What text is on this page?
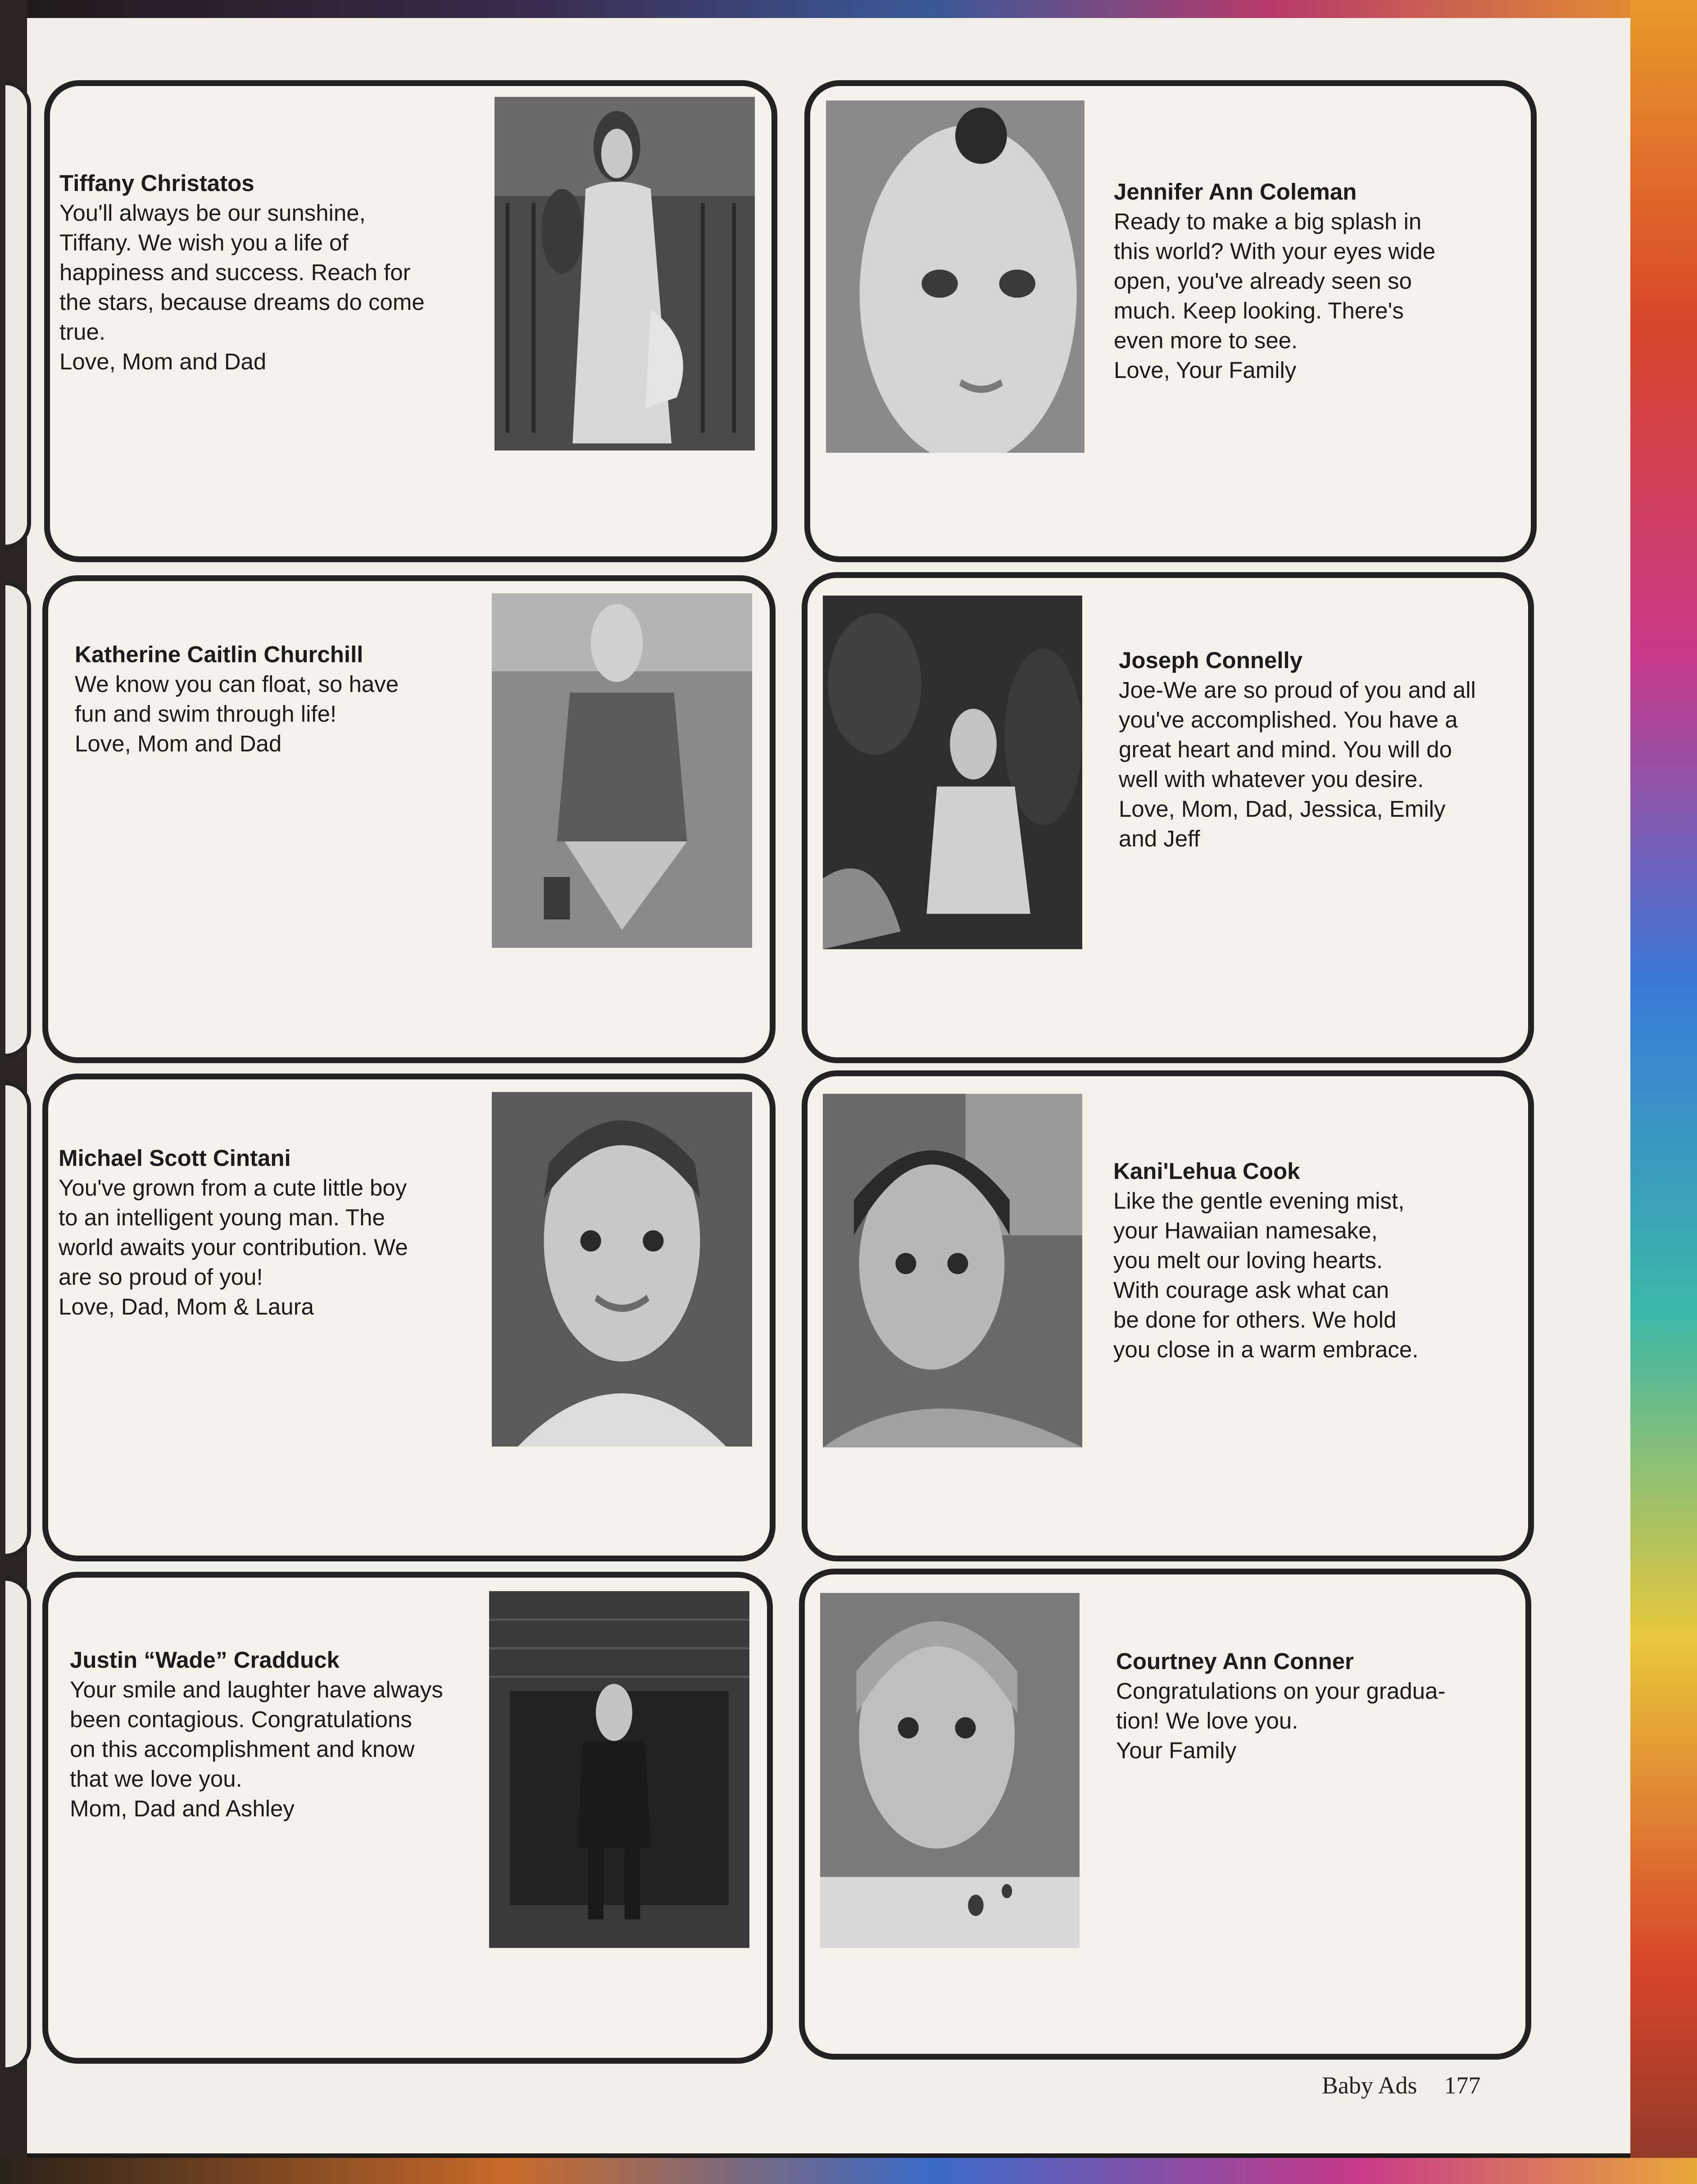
Tiffany Christatos
You'll always be our sunshine,
Tiffany. We wish you a life of
happiness and success. Reach for
the stars, because dreams do come
true.
Love, Mom and Dad
Jennifer Ann Coleman
Ready to make a big splash in
this world? With your eyes wide
open, you've already seen so
much. Keep looking. There's
even more to see.
Love, Your Family
Katherine Caitlin Churchill
We know you can float, so have
fun and swim through life!
Love, Mom and Dad
Joseph Connelly
Joe-We are so proud of you and all
you've accomplished. You have a
great heart and mind. You will do
well with whatever you desire.
Love, Mom, Dad, Jessica, Emily
and Jeff
Michael Scott Cintani
You've grown from a cute little boy
to an intelligent young man. The
world awaits your contribution. We
are so proud of you!
Love, Dad, Mom & Laura
Kani'Lehua Cook
Like the gentle evening mist,
your Hawaiian namesake,
you melt our loving hearts.
With courage ask what can
be done for others. We hold
you close in a warm embrace.
Justin “Wade” Cradduck
Your smile and laughter have always
been contagious. Congratulations
on this accomplishment and know
that we love you.
Mom, Dad and Ashley
Courtney Ann Conner
Congratulations on your gradua-
tion! We love you.
Your Family
Baby Ads 177
